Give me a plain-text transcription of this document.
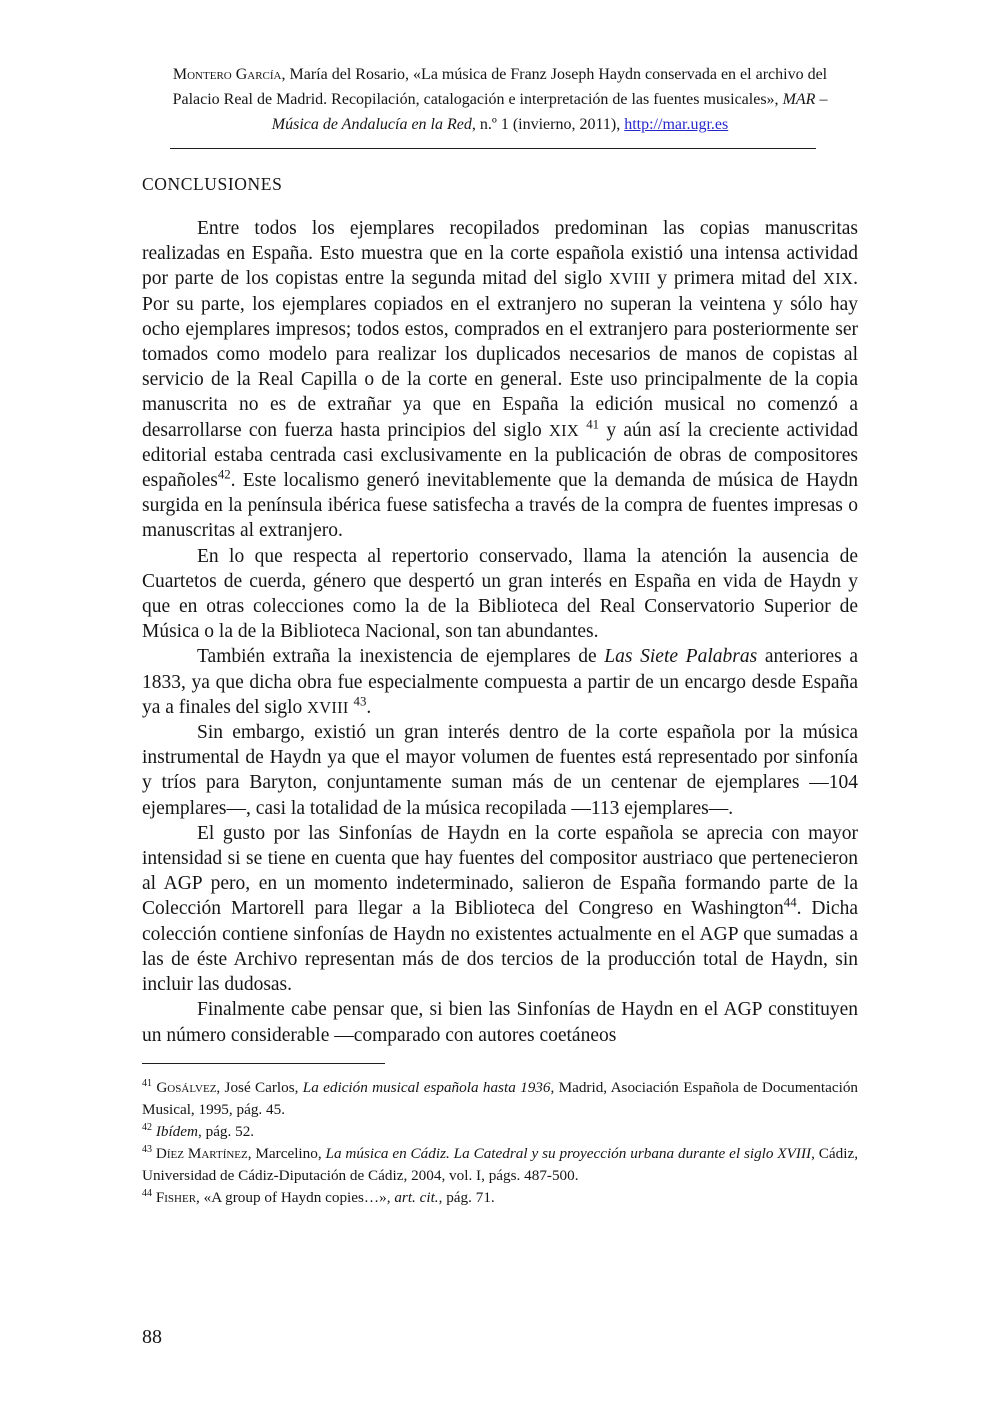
Montero García, María del Rosario, «La música de Franz Joseph Haydn conservada en el archivo del Palacio Real de Madrid. Recopilación, catalogación e interpretación de las fuentes musicales», MAR – Música de Andalucía en la Red, n.º 1 (invierno, 2011), http://mar.ugr.es

CONCLUSIONES

Entre todos los ejemplares recopilados predominan las copias manuscritas realizadas en España. Esto muestra que en la corte española existió una intensa actividad por parte de los copistas entre la segunda mitad del siglo XVIII y primera mitad del XIX. Por su parte, los ejemplares copiados en el extranjero no superan la veintena y sólo hay ocho ejemplares impresos; todos estos, comprados en el extranjero para posteriormente ser tomados como modelo para realizar los duplicados necesarios de manos de copistas al servicio de la Real Capilla o de la corte en general. Este uso principalmente de la copia manuscrita no es de extrañar ya que en España la edición musical no comenzó a desarrollarse con fuerza hasta principios del siglo XIX $^{41}$ y aún así la creciente actividad editorial estaba centrada casi exclusivamente en la publicación de obras de compositores españoles$^{42}$. Este localismo generó inevitablemente que la demanda de música de Haydn surgida en la península ibérica fuese satisfecha a través de la compra de fuentes impresas o manuscritas al extranjero.

En lo que respecta al repertorio conservado, llama la atención la ausencia de Cuartetos de cuerda, género que despertó un gran interés en España en vida de Haydn y que en otras colecciones como la de la Biblioteca del Real Conservatorio Superior de Música o la de la Biblioteca Nacional, son tan abundantes.

También extraña la inexistencia de ejemplares de Las Siete Palabras anteriores a 1833, ya que dicha obra fue especialmente compuesta a partir de un encargo desde España ya a finales del siglo XVIII $^{43}$.

Sin embargo, existió un gran interés dentro de la corte española por la música instrumental de Haydn ya que el mayor volumen de fuentes está representado por sinfonía y tríos para Baryton, conjuntamente suman más de un centenar de ejemplares —104 ejemplares—, casi la totalidad de la música recopilada —113 ejemplares—.

El gusto por las Sinfonías de Haydn en la corte española se aprecia con mayor intensidad si se tiene en cuenta que hay fuentes del compositor austriaco que pertenecieron al AGP pero, en un momento indeterminado, salieron de España formando parte de la Colección Martorell para llegar a la Biblioteca del Congreso en Washington$^{44}$. Dicha colección contiene sinfonías de Haydn no existentes actualmente en el AGP que sumadas a las de éste Archivo representan más de dos tercios de la producción total de Haydn, sin incluir las dudosas.

Finalmente cabe pensar que, si bien las Sinfonías de Haydn en el AGP constituyen un número considerable —comparado con autores coetáneos

$^{41}$ Gosálvez, José Carlos, La edición musical española hasta 1936, Madrid, Asociación Española de Documentación Musical, 1995, pág. 45.

$^{42}$ Ibídem, pág. 52.

$^{43}$ Díez Martínez, Marcelino, La música en Cádiz. La Catedral y su proyección urbana durante el siglo XVIII, Cádiz, Universidad de Cádiz-Diputación de Cádiz, 2004, vol. I, págs. 487-500.

$^{44}$ Fisher, «A group of Haydn copies…», art. cit., pág. 71.

88
